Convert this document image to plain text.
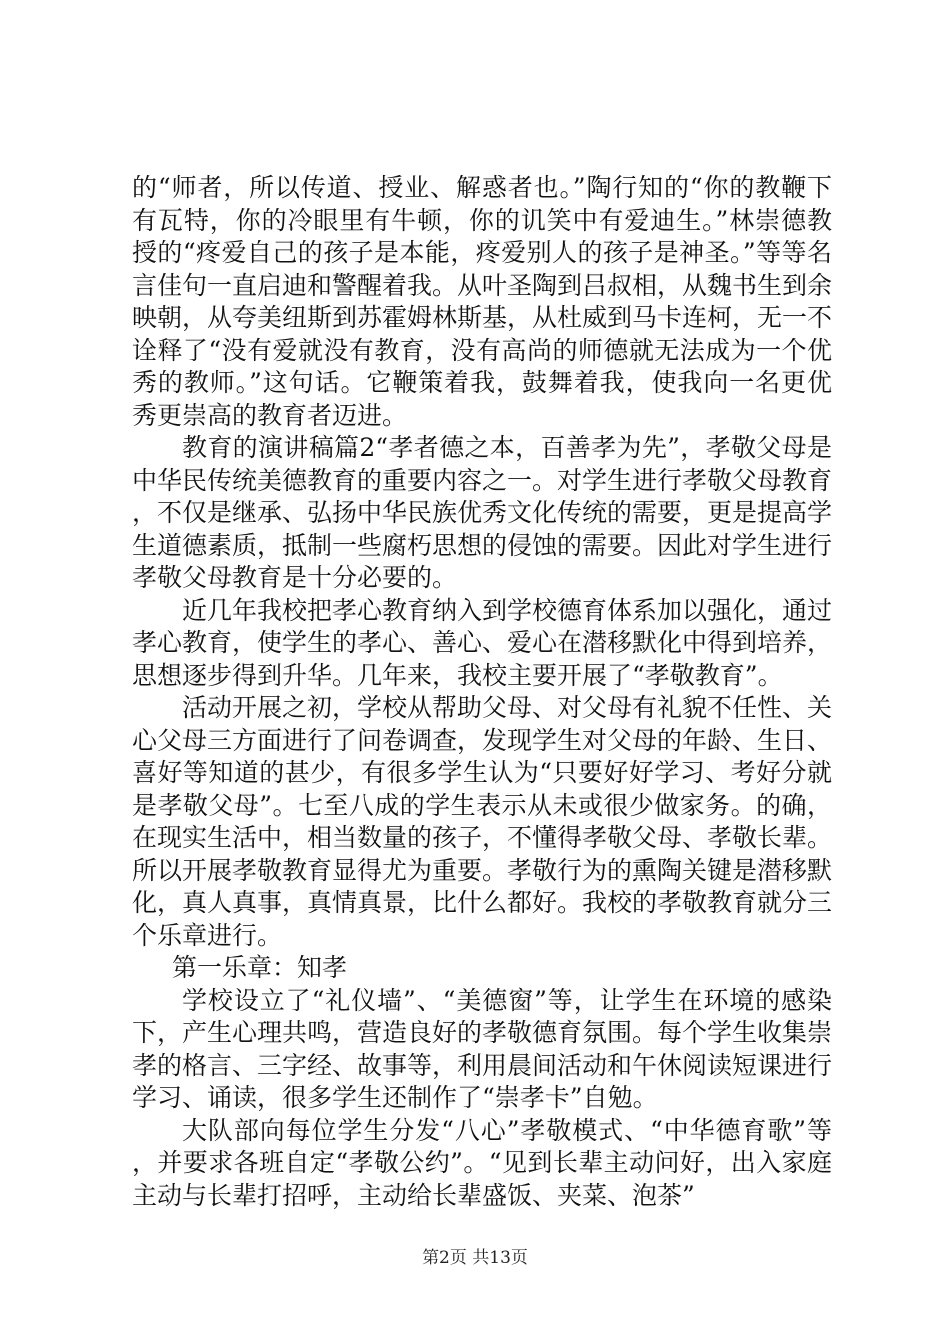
的“师者，所以传道、授业、解惑者也。”陶行知的“你的教鞭下有瓦特，你的冷眼里有牛顿，你的讥笑中有爱迪生。”林崇德教授的“疼爱自己的孩子是本能，疼爱别人的孩子是神圣。”等等名言佳句一直启迪和警醒着我。从叶圣陶到吕叔相，从魏书生到余映朝，从夸美纽斯到苏霍姆林斯基，从杜威到马卡连柯，无一不诠释了“没有爱就没有教育，没有高尚的师德就无法成为一个优秀的教师。”这句话。它鞭策着我，鼓舞着我，使我向一名更优秀更崇高的教育者迈进。

教育的演讲稿篇2“孝者德之本，百善孝为先”，孝敬父母是中华民传统美德教育的重要内容之一。对学生进行孝敬父母教育，不仅是继承、弘扬中华民族优秀文化传统的需要，更是提高学生道德素质，抵制一些腐朽思想的侵蚀的需要。因此对学生进行孝敬父母教育是十分必要的。

近几年我校把孝心教育纳入到学校德育体系加以强化，通过孝心教育，使学生的孝心、善心、爱心在潜移默化中得到培养，思想逐步得到升华。几年来，我校主要开展了“孝敬教育”。

活动开展之初，学校从帮助父母、对父母有礼貌不任性、关心父母三方面进行了问卷调查，发现学生对父母的年龄、生日、喜好等知道的甚少，有很多学生认为“只要好好学习、考好分就是孝敬父母”。七至八成的学生表示从未或很少做家务。的确，在现实生活中，相当数量的孩子，不懂得孝敬父母、孝敬长辈。所以开展孝敬教育显得尤为重要。孝敬行为的熏陶关键是潜移默化，真人真事，真情真景，比什么都好。我校的孝敬教育就分三个乐章进行。

第一乐章：知孝

学校设立了“礼仪墙”、“美德窗”等，让学生在环境的感染下，产生心理共鸣，营造良好的孝敬德育氛围。每个学生收集崇孝的格言、三字经、故事等，利用晨间活动和午休阅读短课进行学习、诵读，很多学生还制作了“崇孝卡”自勉。

大队部向每位学生分发“八心”孝敬模式、“中华德育歌”等，并要求各班自定“孝敬公约”。“见到长辈主动问好，出入家庭主动与长辈打招呼，主动给长辈盛饭、夹菜、泡茶”

第2页 共13页
